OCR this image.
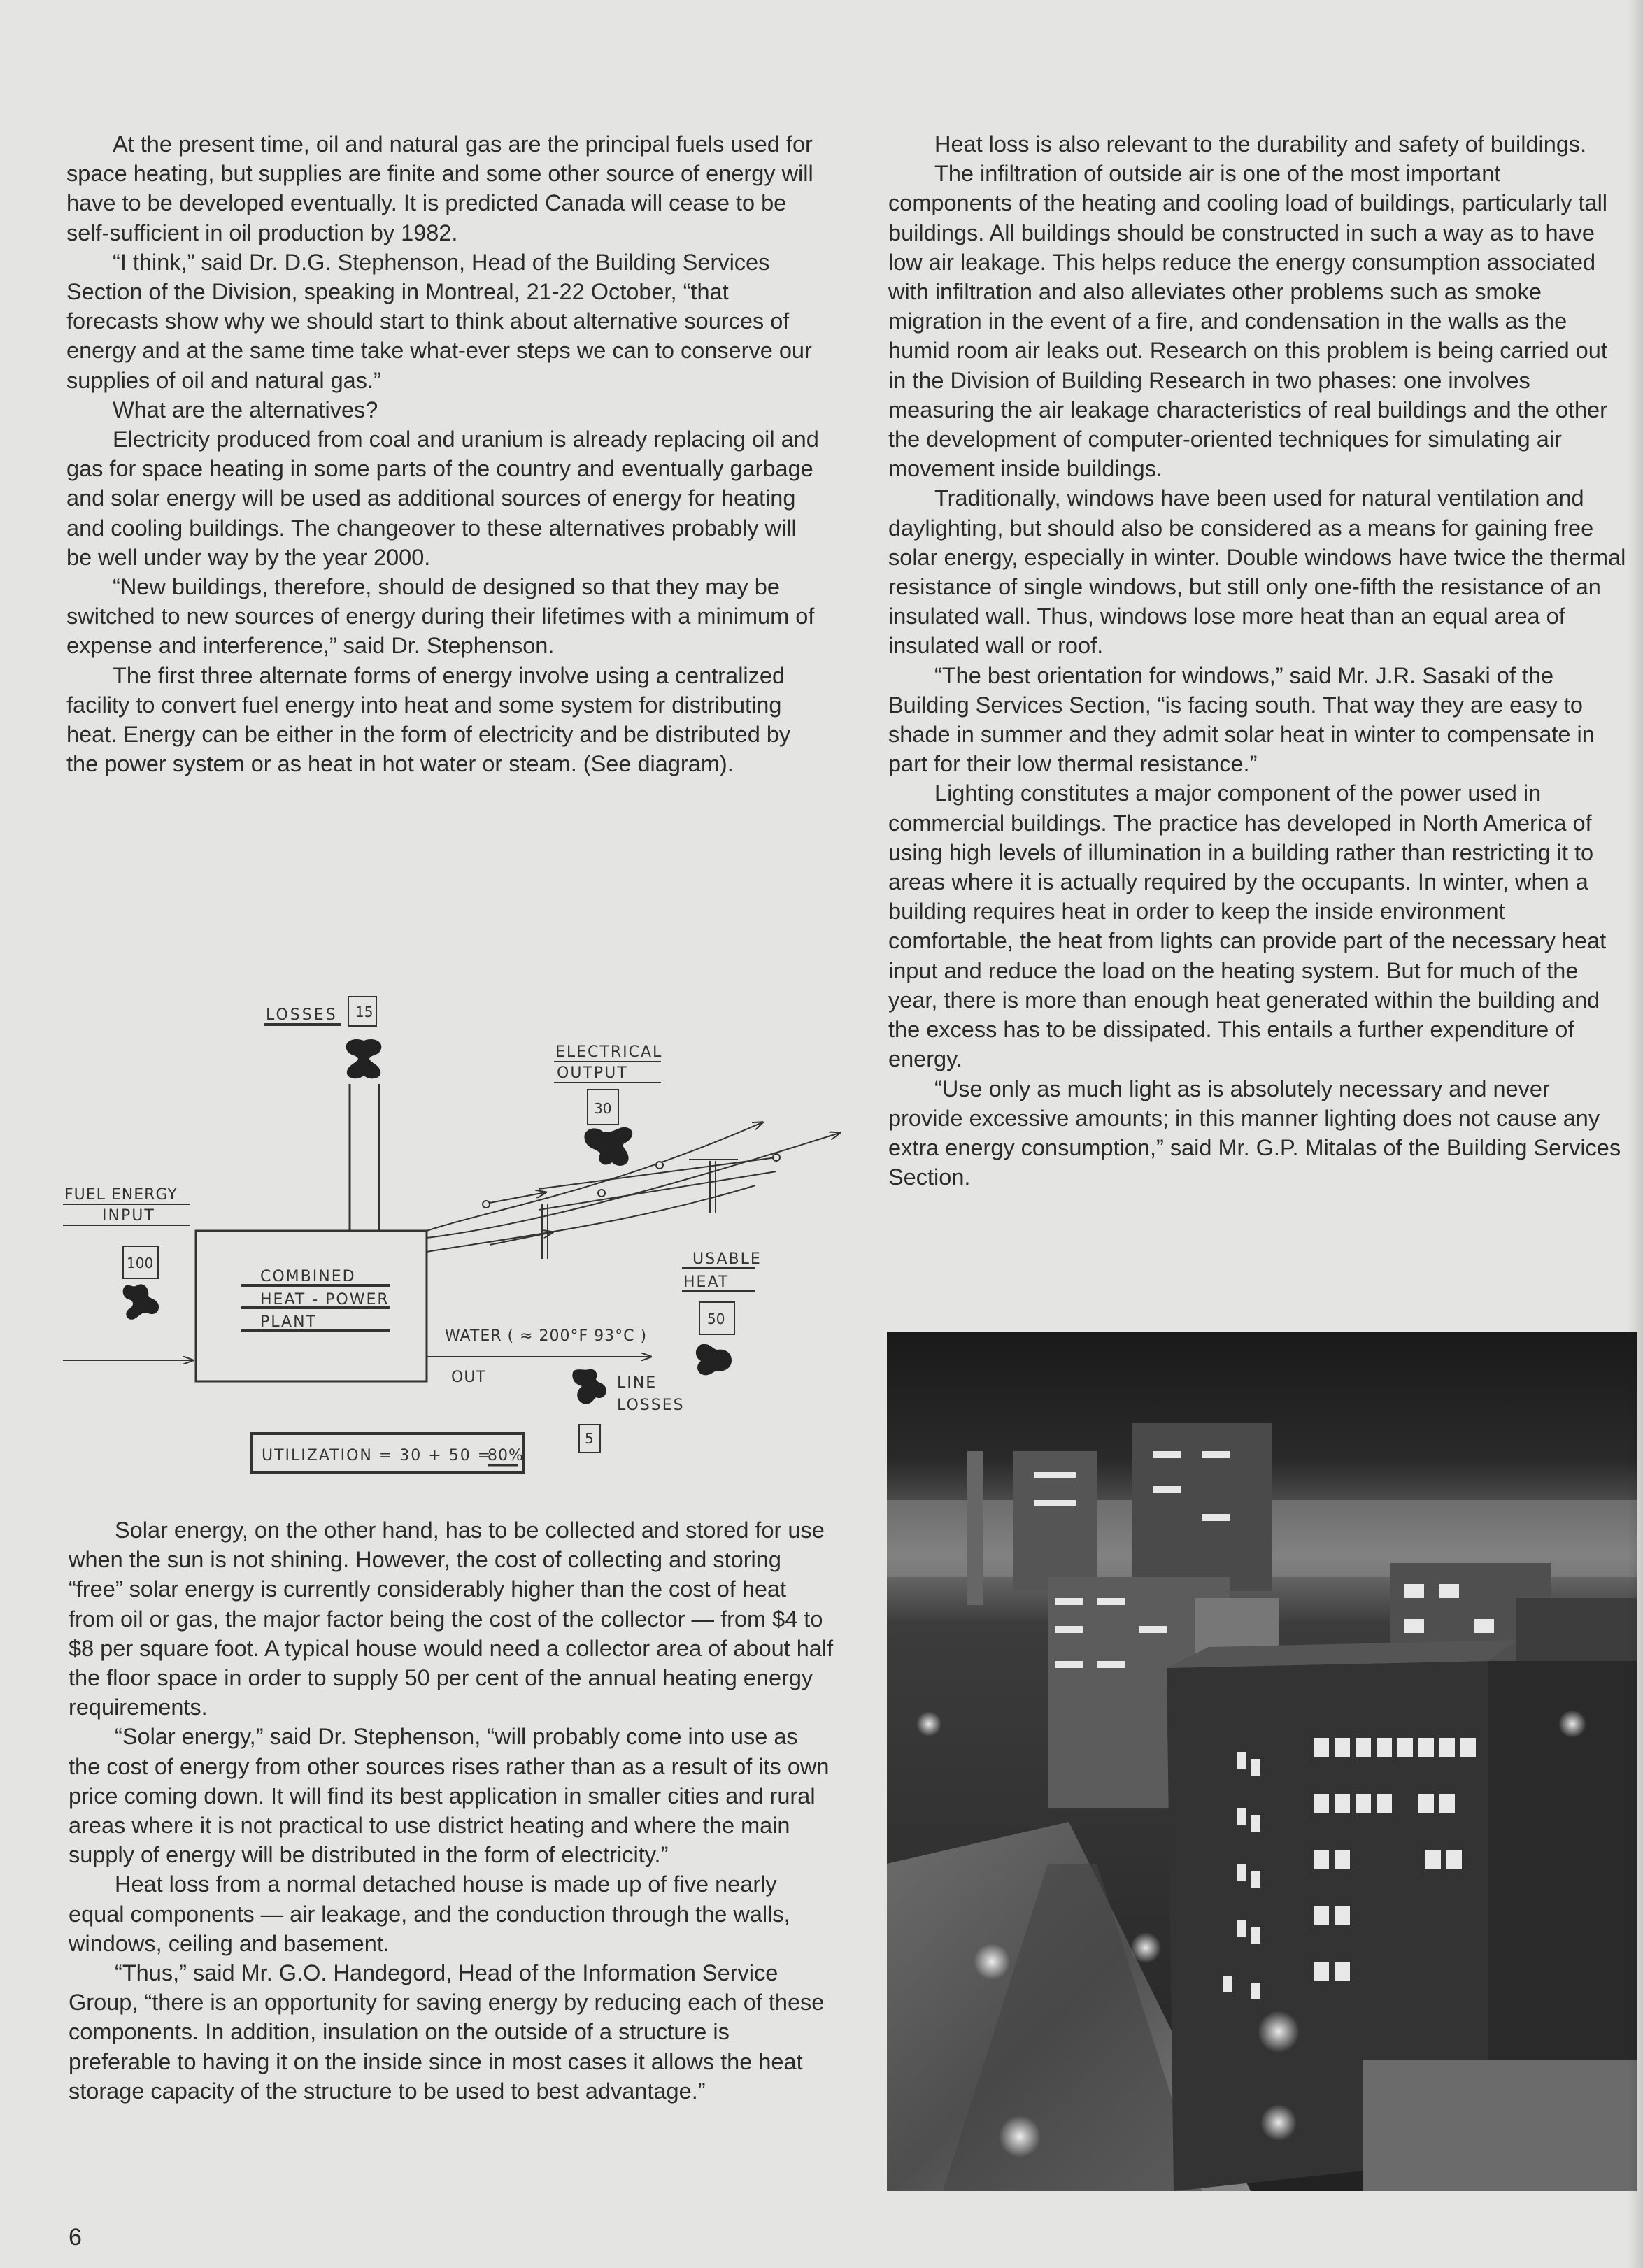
At the present time, oil and natural gas are the principal fuels used for space heating, but supplies are finite and some other source of energy will have to be developed eventually. It is predicted Canada will cease to be self-sufficient in oil production by 1982.

“I think,” said Dr. D.G. Stephenson, Head of the Building Services Section of the Division, speaking in Montreal, 21-22 October, “that forecasts show why we should start to think about alternative sources of energy and at the same time take what-ever steps we can to conserve our supplies of oil and natural gas.”

What are the alternatives?

Electricity produced from coal and uranium is already replacing oil and gas for space heating in some parts of the country and eventually garbage and solar energy will be used as additional sources of energy for heating and cooling buildings. The changeover to these alternatives probably will be well under way by the year 2000.

“New buildings, therefore, should de designed so that they may be switched to new sources of energy during their lifetimes with a minimum of expense and interference,” said Dr. Stephenson.

The first three alternate forms of energy involve using a centralized facility to convert fuel energy into heat and some system for distributing heat. Energy can be either in the form of electricity and be distributed by the power system or as heat in hot water or steam. (See diagram).

LOSSES 15
ELECTRICAL
OUTPUT
30
FUEL ENERGY
INPUT
100
COMBINED
HEAT - POWER
PLANT
USABLE
HEAT
50
WATER ( ≈ 200°F 93°C )
OUT	LINE
LOSSES
5
UTILIZATION = 30 + 50 =
80%

Solar energy, on the other hand, has to be collected and stored for use when the sun is not shining. However, the cost of collecting and storing “free” solar energy is currently considerably higher than the cost of heat from oil or gas, the major factor being the cost of the collector — from $4 to $8 per square foot. A typical house would need a collector area of about half the floor space in order to supply 50 per cent of the annual heating energy requirements.

“Solar energy,” said Dr. Stephenson, “will probably come into use as the cost of energy from other sources rises rather than as a result of its own price coming down. It will find its best application in smaller cities and rural areas where it is not practical to use district heating and where the main supply of energy will be distributed in the form of electricity.”

Heat loss from a normal detached house is made up of five nearly equal components — air leakage, and the conduction through the walls, windows, ceiling and basement.

“Thus,” said Mr. G.O. Handegord, Head of the Information Service Group, “there is an opportunity for saving energy by reducing each of these components. In addition, insulation on the outside of a structure is preferable to having it on the inside since in most cases it allows the heat storage capacity of the structure to be used to best advantage.”

Heat loss is also relevant to the durability and safety of buildings.

The infiltration of outside air is one of the most important components of the heating and cooling load of buildings, particularly tall buildings. All buildings should be constructed in such a way as to have low air leakage. This helps reduce the energy consumption associated with infiltration and also alleviates other problems such as smoke migration in the event of a fire, and condensation in the walls as the humid room air leaks out. Research on this problem is being carried out in the Division of Building Research in two phases: one involves measuring the air leakage characteristics of real buildings and the other the development of computer-oriented techniques for simulating air movement inside buildings.

Traditionally, windows have been used for natural ventilation and daylighting, but should also be considered as a means for gaining free solar energy, especially in winter. Double windows have twice the thermal resistance of single windows, but still only one-fifth the resistance of an insulated wall. Thus, windows lose more heat than an equal area of insulated wall or roof.

“The best orientation for windows,” said Mr. J.R. Sasaki of the Building Services Section, “is facing south. That way they are easy to shade in summer and they admit solar heat in winter to compensate in part for their low thermal resistance.”

Lighting constitutes a major component of the power used in commercial buildings. The practice has developed in North America of using high levels of illumination in a building rather than restricting it to areas where it is actually required by the occupants. In winter, when a building requires heat in order to keep the inside environment comfortable, the heat from lights can provide part of the necessary heat input and reduce the load on the heating system. But for much of the year, there is more than enough heat generated within the building and the excess has to be dissipated. This entails a further expenditure of energy.

“Use only as much light as is absolutely necessary and never provide excessive amounts; in this manner lighting does not cause any extra energy consumption,” said Mr. G.P. Mitalas of the Building Services Section.

6
